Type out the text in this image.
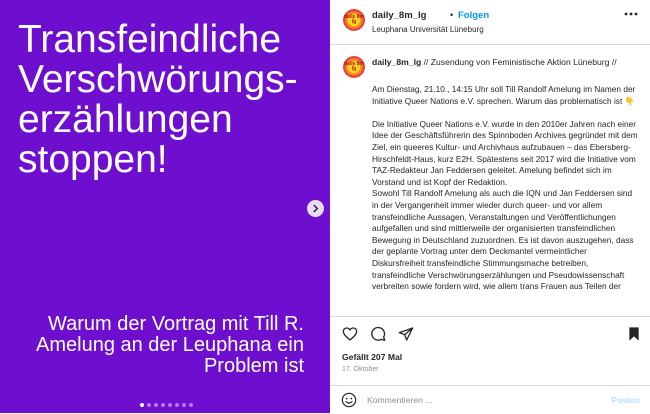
Transfeindliche Verschwörungs-erzählungen stoppen!
Warum der Vortrag mit Till R. Amelung an der Leuphana ein Problem ist
daily 8m lg
daily_8m_lg	• Folgen
Leuphana Universität Lüneburg
daily 8m lg
daily_8m_lg // Zusendung von Feministische Aktion Lüneburg //

Am Dienstag, 21.10., 14:15 Uhr soll Till Randolf Amelung im Namen der Initiative Queer Nations e.V. sprechen. Warum das problematisch ist 👇

Die Initiative Queer Nations e.V. wurde in den 2010er Jahren nach einer Idee der Geschäftsführerin des Spinnboden Archives gegründet mit dem Ziel, ein queeres Kultur- und Archivhaus aufzubauen – das Ebersberg-Hirschfeldt-Haus, kurz E2H. Spätestens seit 2017 wird die Initiative vom TAZ-Redakteur Jan Feddersen geleitet. Amelung befindet sich im Vorstand und ist Kopf der Redaktion.

Sowohl Till Randolf Amelung als auch die IQN und Jan Feddersen sind in der Vergangenheit immer wieder durch queer- und vor allem transfeindliche Aussagen, Veranstaltungen und Veröffentlichungen aufgefallen und sind mittlerweile der organisierten transfeindlichen Bewegung in Deutschland zuzuordnen. Es ist davon auszugehen, dass der geplante Vortrag unter dem Deckmantel vermeintlicher Diskursfreiheit transfeindliche Stimmungsmache betreiben, transfeindliche Verschwörungserzählungen und Pseudowissenschaft verbreiten sowie fordern wird, wie allem trans Frauen aus Teilen der

Gefällt 207 Mal
17. Oktober
Kommentieren ...	Posten
